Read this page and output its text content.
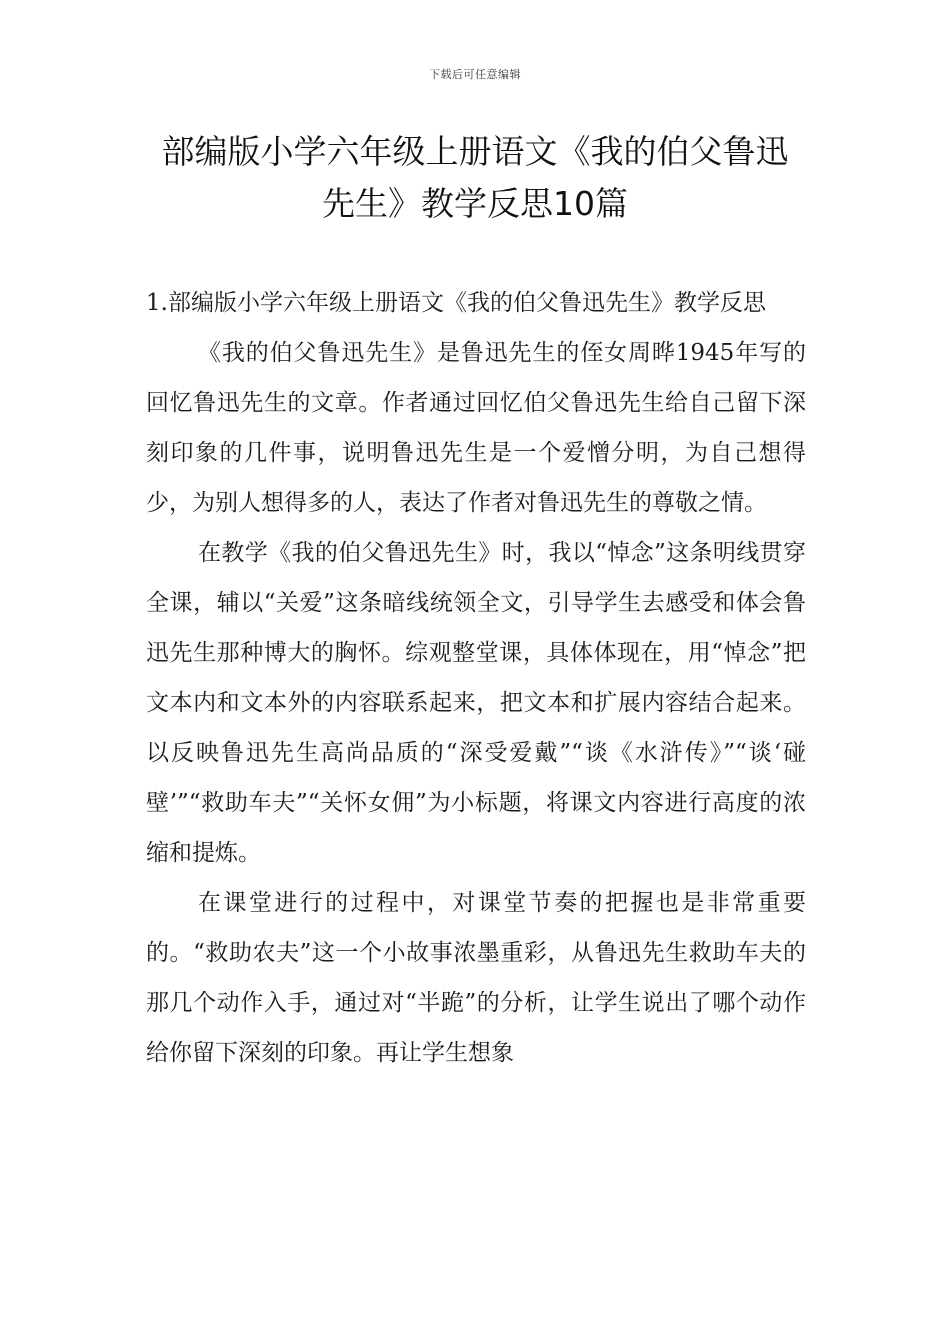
下载后可任意编辑
部编版小学六年级上册语文《我的伯父鲁迅先生》教学反思10篇

1.部编版小学六年级上册语文《我的伯父鲁迅先生》教学反思

《我的伯父鲁迅先生》是鲁迅先生的侄女周晔1945年写的回忆鲁迅先生的文章。作者通过回忆伯父鲁迅先生给自己留下深刻印象的几件事，说明鲁迅先生是一个爱憎分明，为自己想得少，为别人想得多的人，表达了作者对鲁迅先生的尊敬之情。

在教学《我的伯父鲁迅先生》时，我以“悼念”这条明线贯穿全课，辅以“关爱”这条暗线统领全文，引导学生去感受和体会鲁迅先生那种博大的胸怀。综观整堂课，具体体现在，用“悼念”把文本内和文本外的内容联系起来，把文本和扩展内容结合起来。以反映鲁迅先生高尚品质的“深受爱戴”“谈《水浒传》”“谈‘碰壁’”“救助车夫”“关怀女佣”为小标题，将课文内容进行高度的浓缩和提炼。

在课堂进行的过程中，对课堂节奏的把握也是非常重要的。“救助农夫”这一个小故事浓墨重彩，从鲁迅先生救助车夫的那几个动作入手，通过对“半跪”的分析，让学生说出了哪个动作给你留下深刻的印象。再让学生想象
